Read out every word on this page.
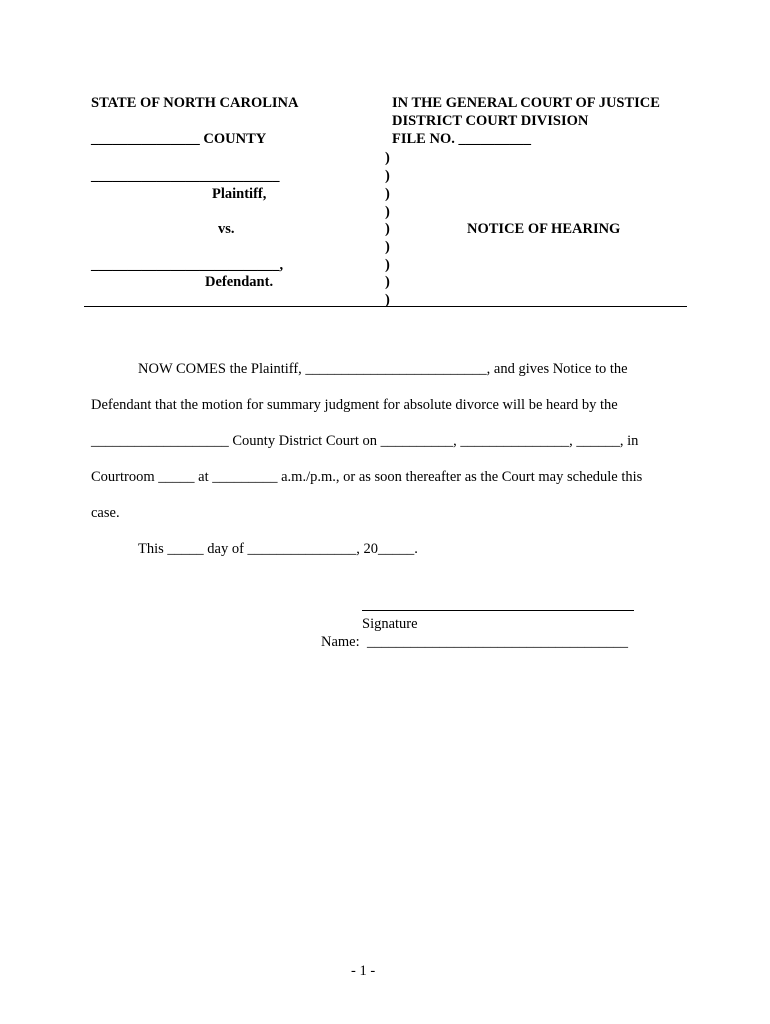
STATE OF NORTH CAROLINA
_______________ COUNTY
__________________________
Plaintiff,
vs.
__________________________,
Defendant.
IN THE GENERAL COURT OF JUSTICE
DISTRICT COURT DIVISION
FILE NO. __________
NOTICE OF HEARING
)
)
)
)
)
)
)
)
)
NOW COMES the Plaintiff, _________________________, and gives Notice to the
Defendant that the motion for summary judgment for absolute divorce will be heard by the
___________________ County District Court on __________, _______________, ______, in
Courtroom _____ at _________ a.m./p.m., or as soon thereafter as the Court may schedule this
case.
This _____ day of _______________, 20_____.
Signature
Name: ____________________________________
- 1 -
